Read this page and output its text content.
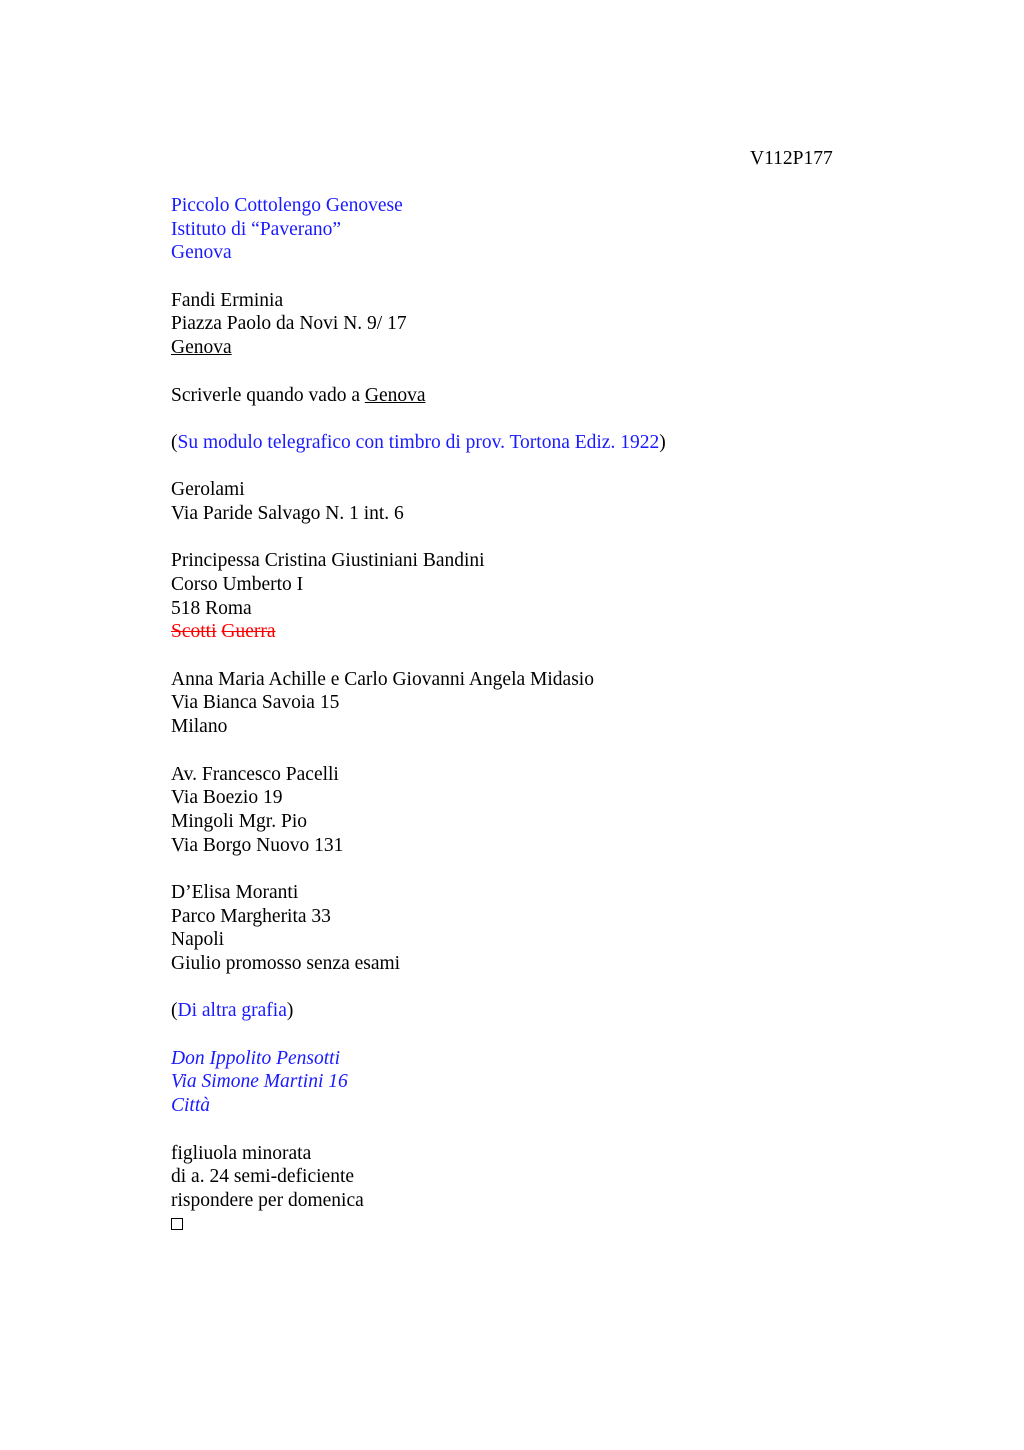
V112P177
Piccolo Cottolengo Genovese
Istituto di “Paverano”
Genova
Fandi Erminia
Piazza Paolo da Novi N. 9/ 17
Genova
Scriverle quando vado a Genova
(Su modulo telegrafico con timbro di prov. Tortona Ediz. 1922)
Gerolami
Via Paride Salvago N. 1 int. 6
Principessa Cristina Giustiniani Bandini
Corso Umberto I
518 Roma
Scotti Guerra
Anna Maria Achille e Carlo Giovanni Angela Midasio
Via Bianca Savoia 15
Milano
Av. Francesco Pacelli
Via Boezio 19
Mingoli Mgr. Pio
Via Borgo Nuovo 131
D’Elisa Moranti
Parco Margherita 33
Napoli
Giulio promosso senza esami
(Di altra grafia)
Don Ippolito Pensotti
Via Simone Martini 16
Città
figliuola minorata
di a. 24 semi-deficiente
rispondere per domenica
